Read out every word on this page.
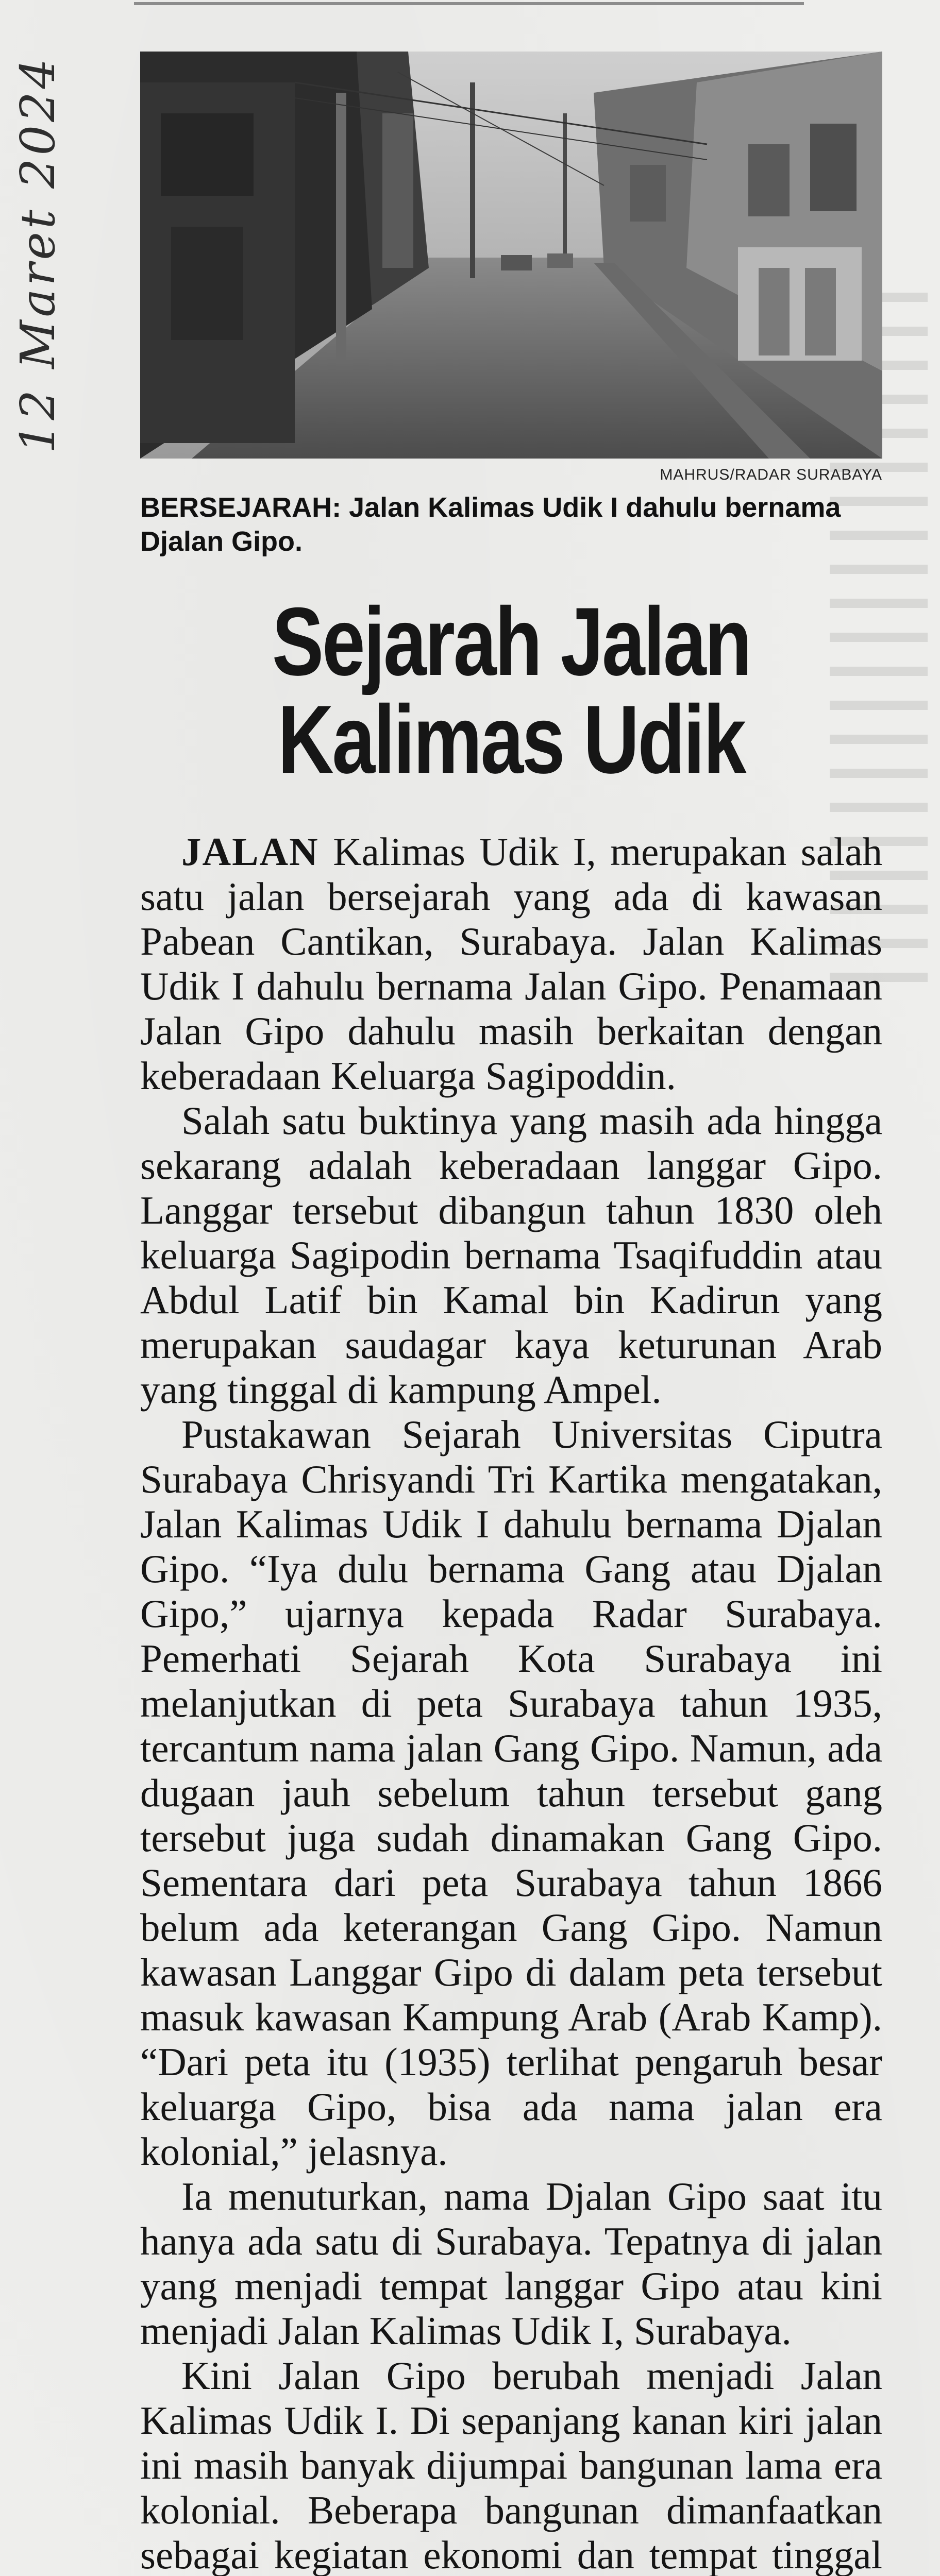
12 Maret 2024
MAHRUS/RADAR SURABAYA
BERSEJARAH: Jalan Kalimas Udik I dahulu bernama Djalan Gipo.
Sejarah Jalan
Kalimas Udik

JALAN Kalimas Udik I, merupakan salah satu jalan bersejarah yang ada di kawasan Pabean Cantikan, Surabaya. Jalan Kalimas Udik I dahulu bernama Jalan Gipo. Penamaan Jalan Gipo dahulu masih berkaitan dengan keberadaan Keluarga Sagipoddin.

Salah satu buktinya yang masih ada hingga sekarang adalah keberadaan langgar Gipo. Langgar tersebut dibangun tahun 1830 oleh keluarga Sagipodin bernama Tsaqifuddin atau Abdul Latif bin Kamal bin Kadirun yang merupakan saudagar kaya keturunan Arab yang tinggal di kampung Ampel.

Pustakawan Sejarah Universitas Ciputra Surabaya Chrisyandi Tri Kartika mengatakan, Jalan Kalimas Udik I dahulu bernama Djalan Gipo. “Iya dulu bernama Gang atau Djalan Gipo,” ujarnya kepada Radar Surabaya. Pemerhati Sejarah Kota Surabaya ini melanjutkan di peta Surabaya tahun 1935, tercantum nama jalan Gang Gipo. Namun, ada dugaan jauh sebelum tahun tersebut gang tersebut juga sudah dinamakan Gang Gipo. Sementara dari peta Surabaya tahun 1866 belum ada keterangan Gang Gipo. Namun kawasan Langgar Gipo di dalam peta tersebut masuk kawasan Kampung Arab (Arab Kamp). “Dari peta itu (1935) terlihat pengaruh besar keluarga Gipo, bisa ada nama jalan era kolonial,” jelasnya.

Ia menuturkan, nama Djalan Gipo saat itu hanya ada satu di Surabaya. Tepatnya di jalan yang menjadi tempat langgar Gipo atau kini menjadi Jalan Kalimas Udik I, Surabaya.

Kini Jalan Gipo berubah menjadi Jalan Kalimas Udik I. Di sepanjang kanan kiri jalan ini masih banyak dijumpai bangunan lama era kolonial. Beberapa bangunan dimanfaatkan sebagai kegiatan ekonomi dan tempat tinggal
